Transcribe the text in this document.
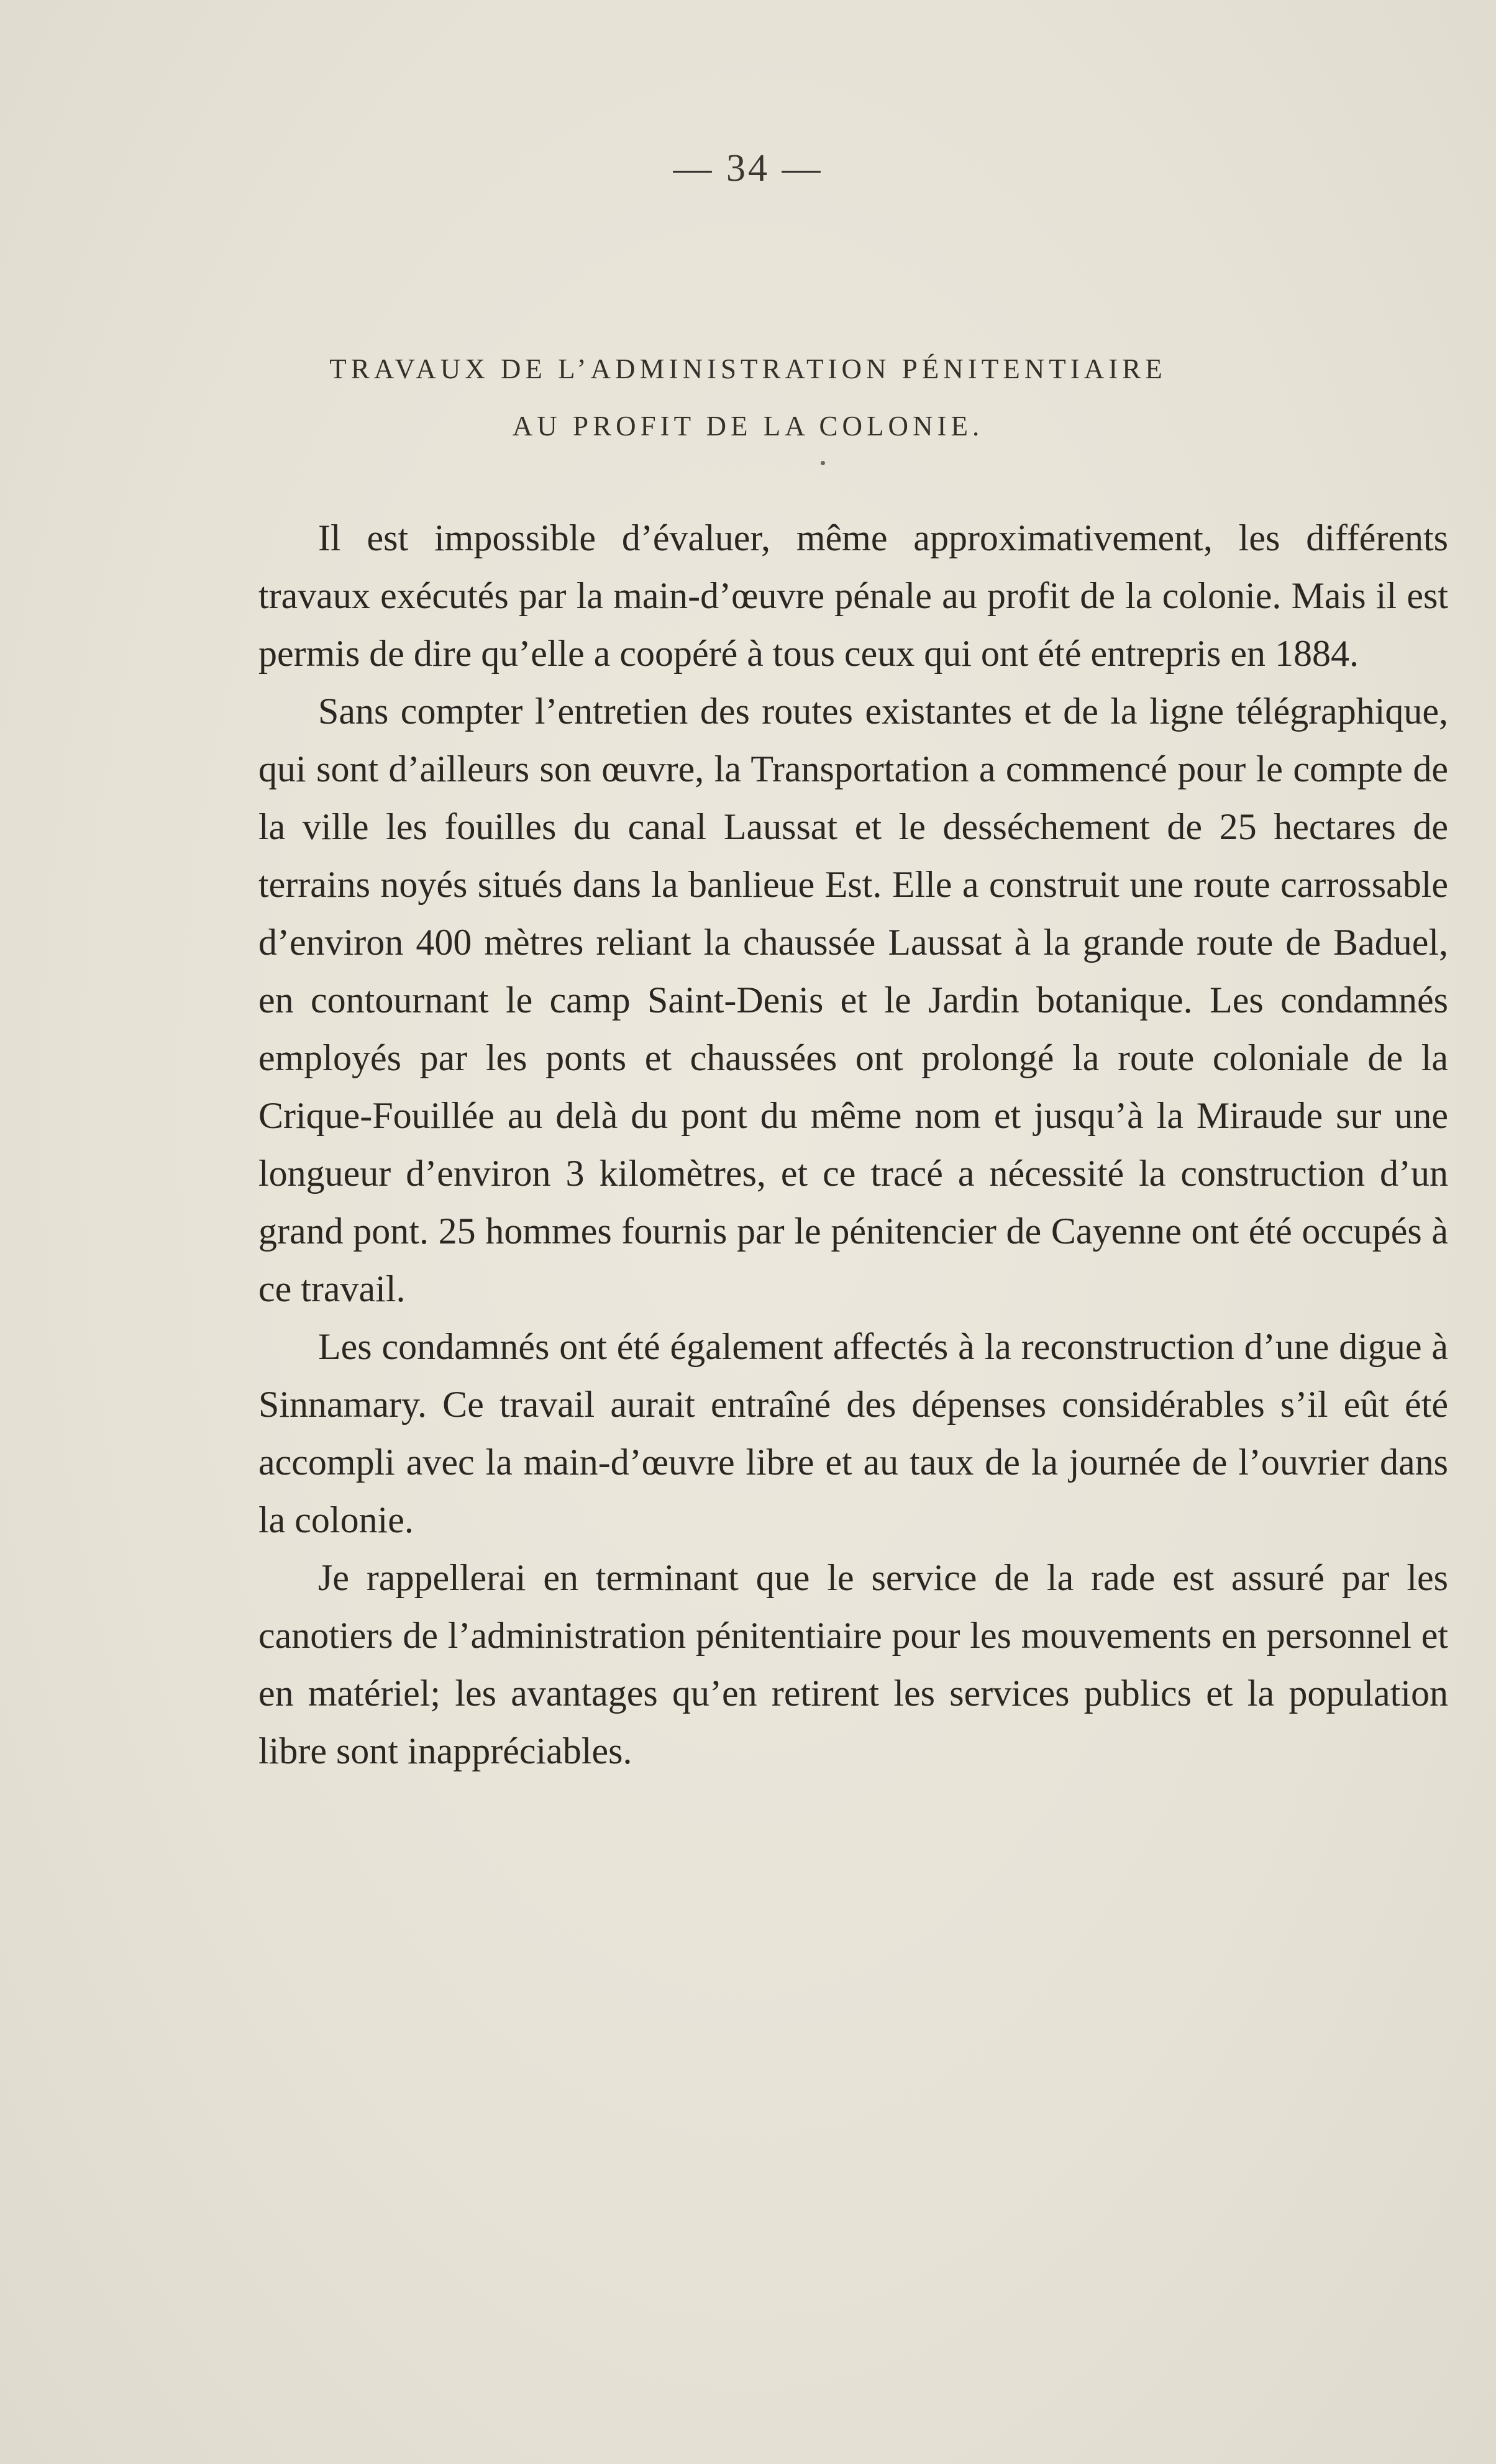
— 34 —
TRAVAUX DE L’ADMINISTRATION PÉNITENTIAIRE
AU PROFIT DE LA COLONIE.

Il est impossible d’évaluer, même approximativement, les différents travaux exécutés par la main-d’œuvre pénale au profit de la colonie. Mais il est permis de dire qu’elle a coopéré à tous ceux qui ont été entrepris en 1884.

Sans compter l’entretien des routes existantes et de la ligne télégraphique, qui sont d’ailleurs son œuvre, la Transportation a commencé pour le compte de la ville les fouilles du canal Laussat et le desséchement de 25 hectares de terrains noyés situés dans la banlieue Est. Elle a construit une route carrossable d’environ 400 mètres reliant la chaussée Laussat à la grande route de Baduel, en contournant le camp Saint-Denis et le Jardin botanique. Les condamnés employés par les ponts et chaussées ont prolongé la route coloniale de la Crique-Fouillée au delà du pont du même nom et jusqu’à la Miraude sur une longueur d’environ 3 kilomètres, et ce tracé a nécessité la construction d’un grand pont. 25 hommes fournis par le pénitencier de Cayenne ont été occupés à ce travail.

Les condamnés ont été également affectés à la reconstruction d’une digue à Sinnamary. Ce travail aurait entraîné des dépenses considérables s’il eût été accompli avec la main-d’œuvre libre et au taux de la journée de l’ouvrier dans la colonie.

Je rappellerai en terminant que le service de la rade est assuré par les canotiers de l’administration pénitentiaire pour les mouvements en personnel et en matériel; les avantages qu’en retirent les services publics et la population libre sont inappréciables.
